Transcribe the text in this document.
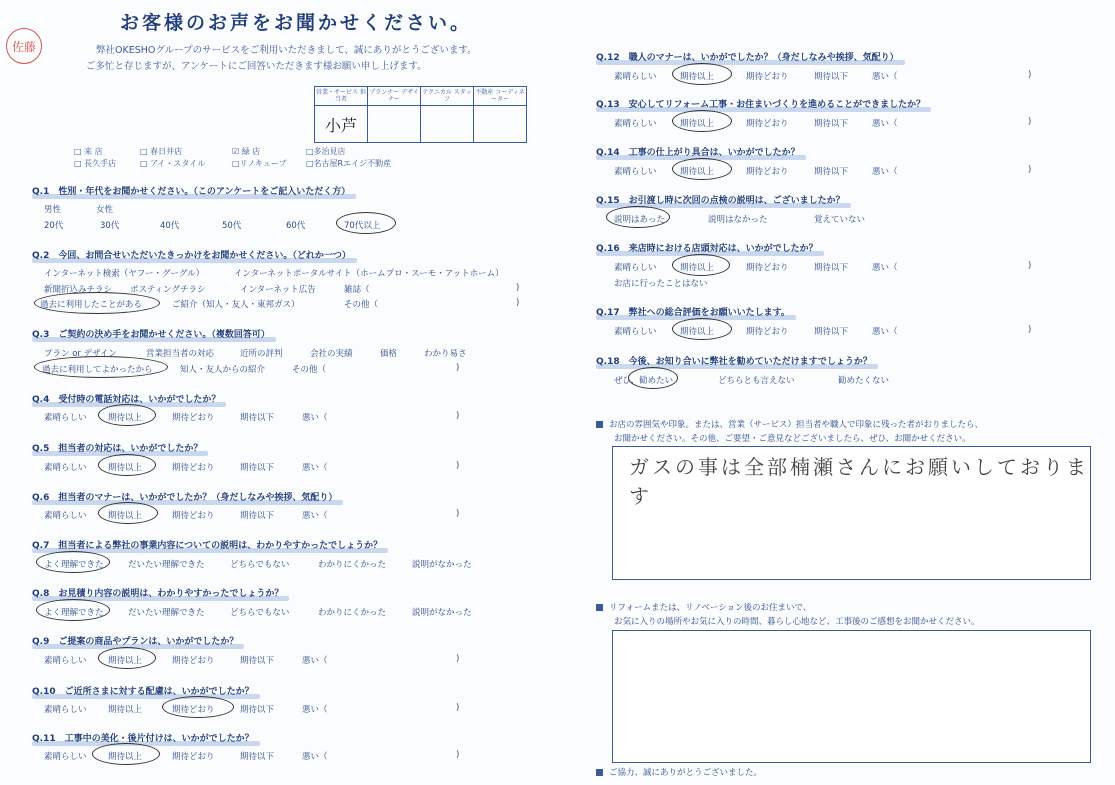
お客様のお声をお聞かせください。
佐藤	弊社OKESHOグループのサービスをご利用いただきまして、誠にありがとうございます。
ご多忙と存じますが、アンケートにご回答いただきます様お願い申し上げます。
営業・サービス 担当者	プランナー デザイナー	テクニカル スタッフ	不動産 コーディネーター
小芦			
□ 来 店	□ 春日井店	☑ 緑 店	□多治見店
□ 長久手店	□ アイ・スタイル	□リノキューブ □名古屋Rエイジ不動産
Q.1　性別・年代をお聞かせください。（このアンケートをご記入いただく方）
男性	女性
20代	30代	40代	50代	60代	70代以上
Q.2　今回、お問合せいただいたきっかけをお聞かせください。（どれか一つ）
インターネット検索（ヤフー・グーグル）	インターネットポータルサイト（ホームプロ・スーモ・アットホーム）
新聞折込みチラシ ポスティングチラシ	インターネット広告	雑誌（	)
過去に利用したことがある	ご紹介（知人・友人・東邦ガス）	その他（	)
Q.3　ご契約の決め手をお聞かせください。（複数回答可）
プラン or デザイン	営業担当者の対応	近所の評判	会社の実績	価格	わかり易さ
過去に利用してよかったから	知人・友人からの紹介	その他（	)
Q.4　受付時の電話対応は、いかがでしたか？
素晴らしい	期待以上	期待どおり	期待以下	悪い（	)
Q.5　担当者の対応は、いかがでしたか？
素晴らしい	期待以上	期待どおり	期待以下	悪い（	)
Q.6　担当者のマナーは、いかがでしたか？（身だしなみや挨拶、気配り）
素晴らしい	期待以上	期待どおり	期待以下	悪い（	)
Q.7　担当者による弊社の事業内容についての説明は、わかりやすかったでしょうか？
よく理解できた	だいたい理解できた	どちらでもない	わかりにくかった	説明がなかった
Q.8　お見積り内容の説明は、わかりやすかったでしょうか？
よく理解できた	だいたい理解できた	どちらでもない	わかりにくかった	説明がなかった
Q.9　ご提案の商品やプランは、いかがでしたか？
素晴らしい	期待以上	期待どおり	期待以下	悪い（	)
Q.10　ご近所さまに対する配慮は、いかがでしたか？
素晴らしい	期待以上	期待どおり	期待以下	悪い（	)
Q.11　工事中の美化・後片付けは、いかがでしたか？
素晴らしい	期待以上	期待どおり	期待以下	悪い（	)
Q.12　職人のマナーは、いかがでしたか？（身だしなみや挨拶、気配り）
素晴らしい	期待以上	期待どおり	期待以下	悪い（	)
Q.13　安心してリフォーム工事・お住まいづくりを進めることができましたか？
素晴らしい	期待以上	期待どおり	期待以下	悪い（	)
Q.14　工事の仕上がり具合は、いかがでしたか？
素晴らしい	期待以上	期待どおり	期待以下	悪い（	)
Q.15　お引渡し時に次回の点検の説明は、ございましたか？
説明はあった	説明はなかった	覚えていない
Q.16　来店時における店頭対応は、いかがでしたか？
素晴らしい	期待以上	期待どおり	期待以下	悪い（	)
お店に行ったことはない
Q.17　弊社への総合評価をお願いいたします。
素晴らしい	期待以上	期待どおり	期待以下	悪い（	)
Q.18　今後、お知り合いに弊社を勧めていただけますでしょうか？
ぜひ、勧めたい	どちらとも言えない	勧めたくない
お店の雰囲気や印象。または、営業（サービス）担当者や職人で印象に残った者がおりましたら、
お聞かせください。その他、ご要望・ご意見などございましたら、ぜひ、お聞かせください。
ガスの事は全部楠瀬さんにお願いしております
リフォームまたは、リノベーション後のお住まいで、
お気に入りの場所やお気に入りの時間、暮らし心地など、工事後のご感想をお聞かせください。
ご協力、誠にありがとうございました。
